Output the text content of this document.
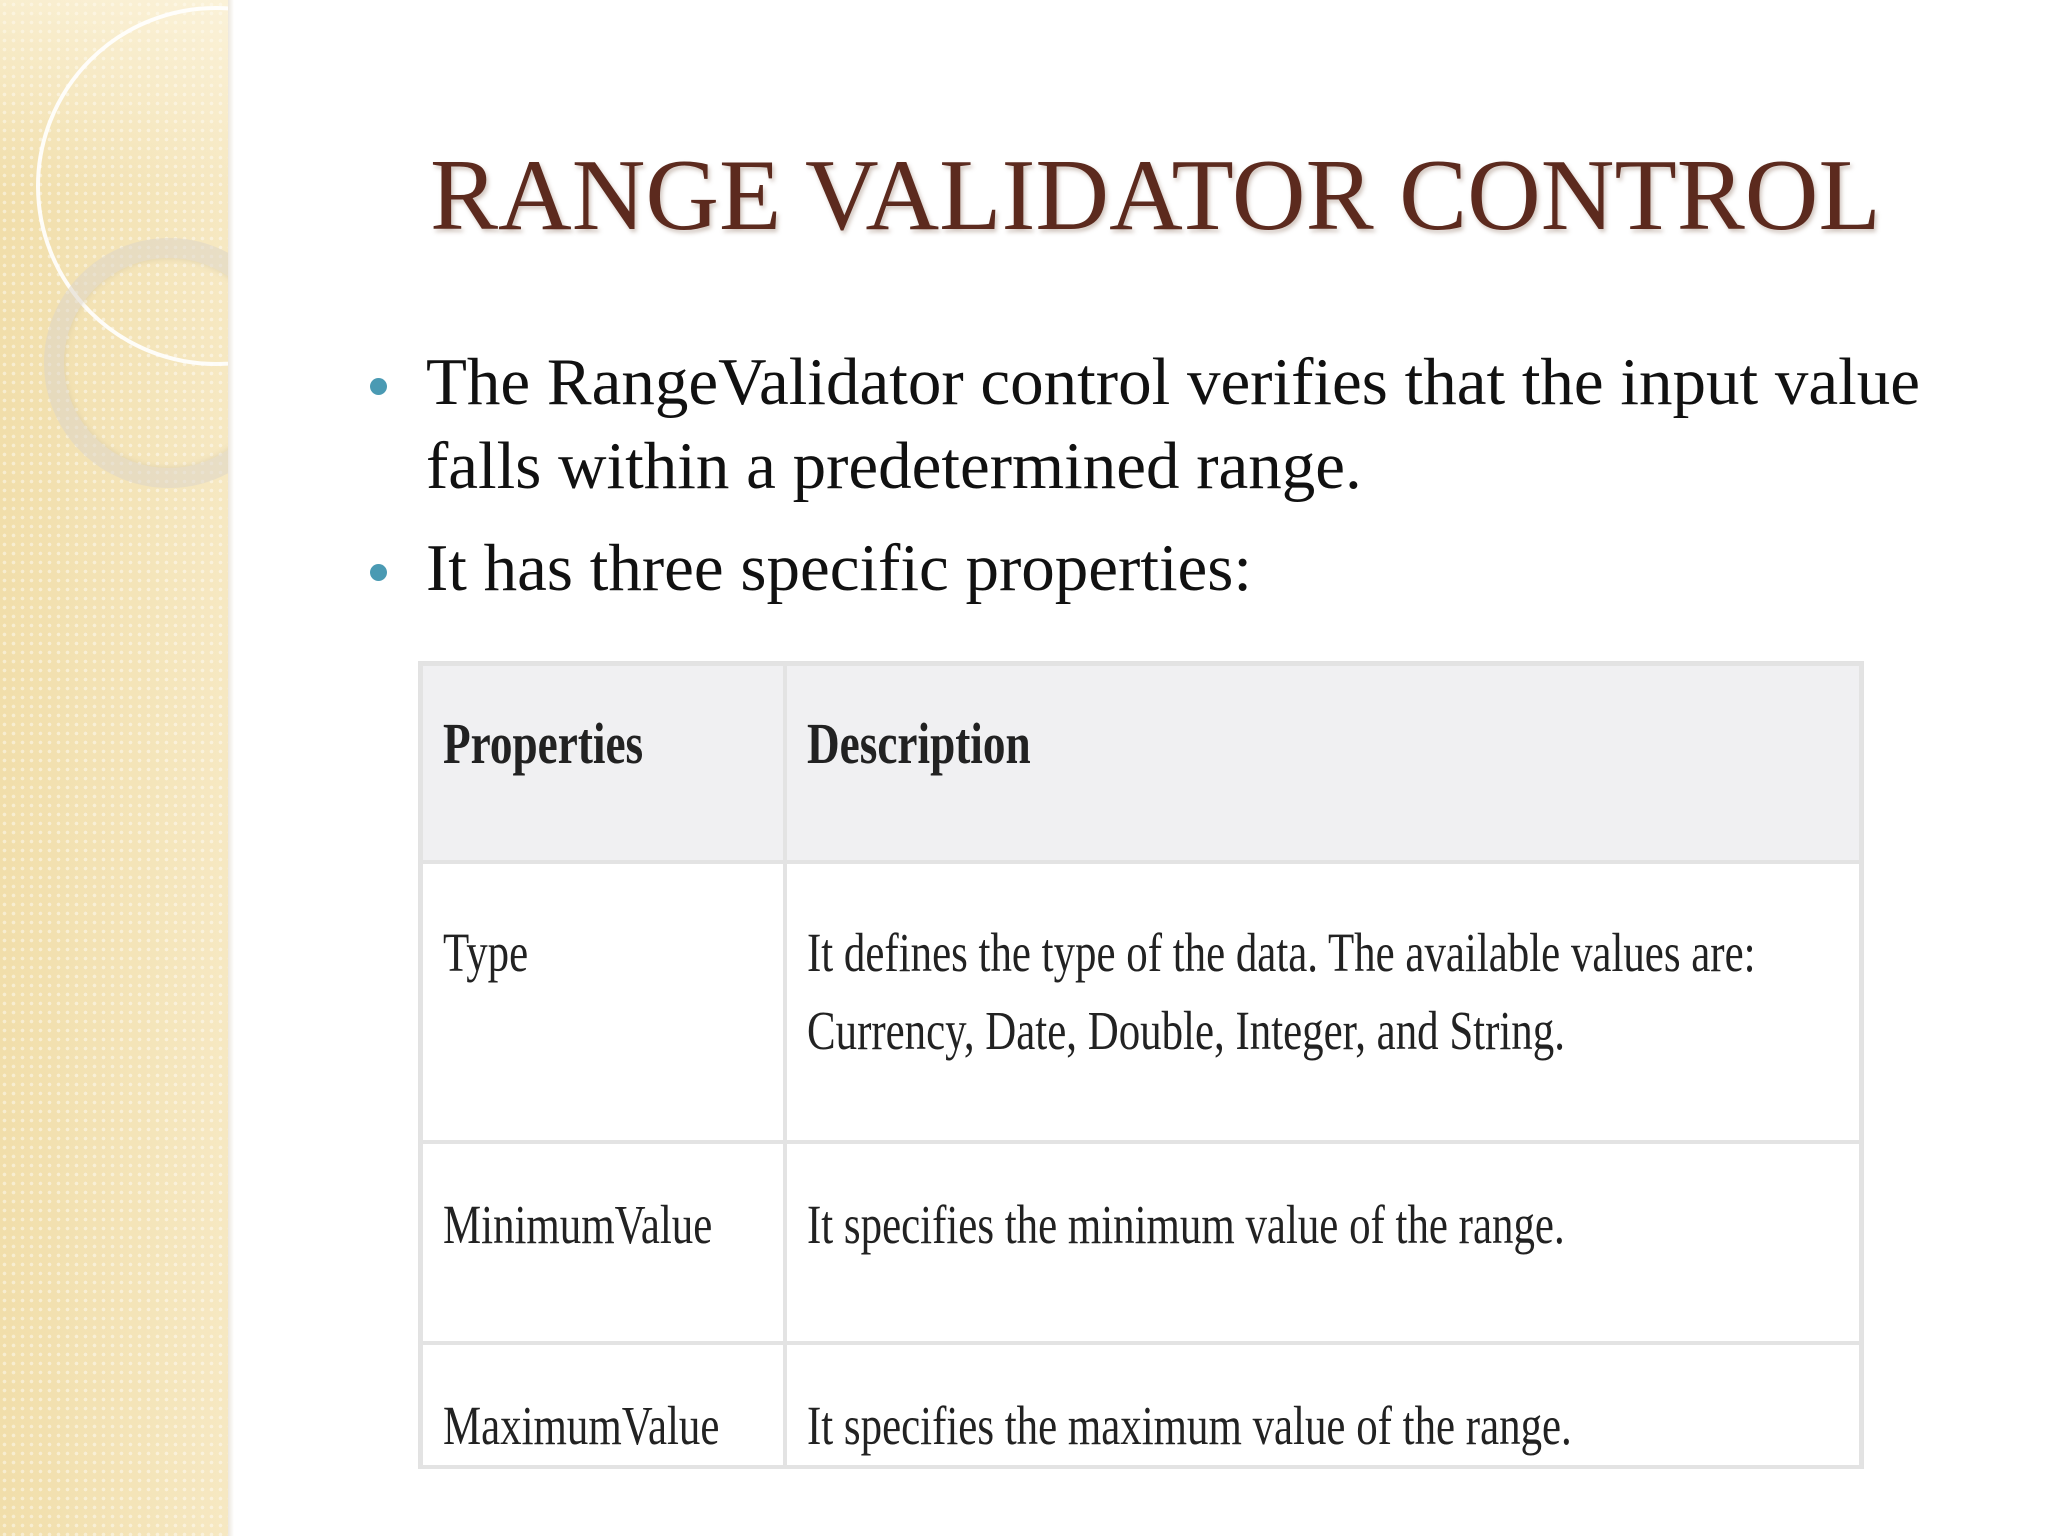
RANGE VALIDATOR CONTROL
The RangeValidator control verifies that the input value falls within a predetermined range.
It has three specific properties:
Properties	Description
Type	It defines the type of the data. The available values are: Currency, Date, Double, Integer, and String.
MinimumValue	It specifies the minimum value of the range.
MaximumValue	It specifies the maximum value of the range.
